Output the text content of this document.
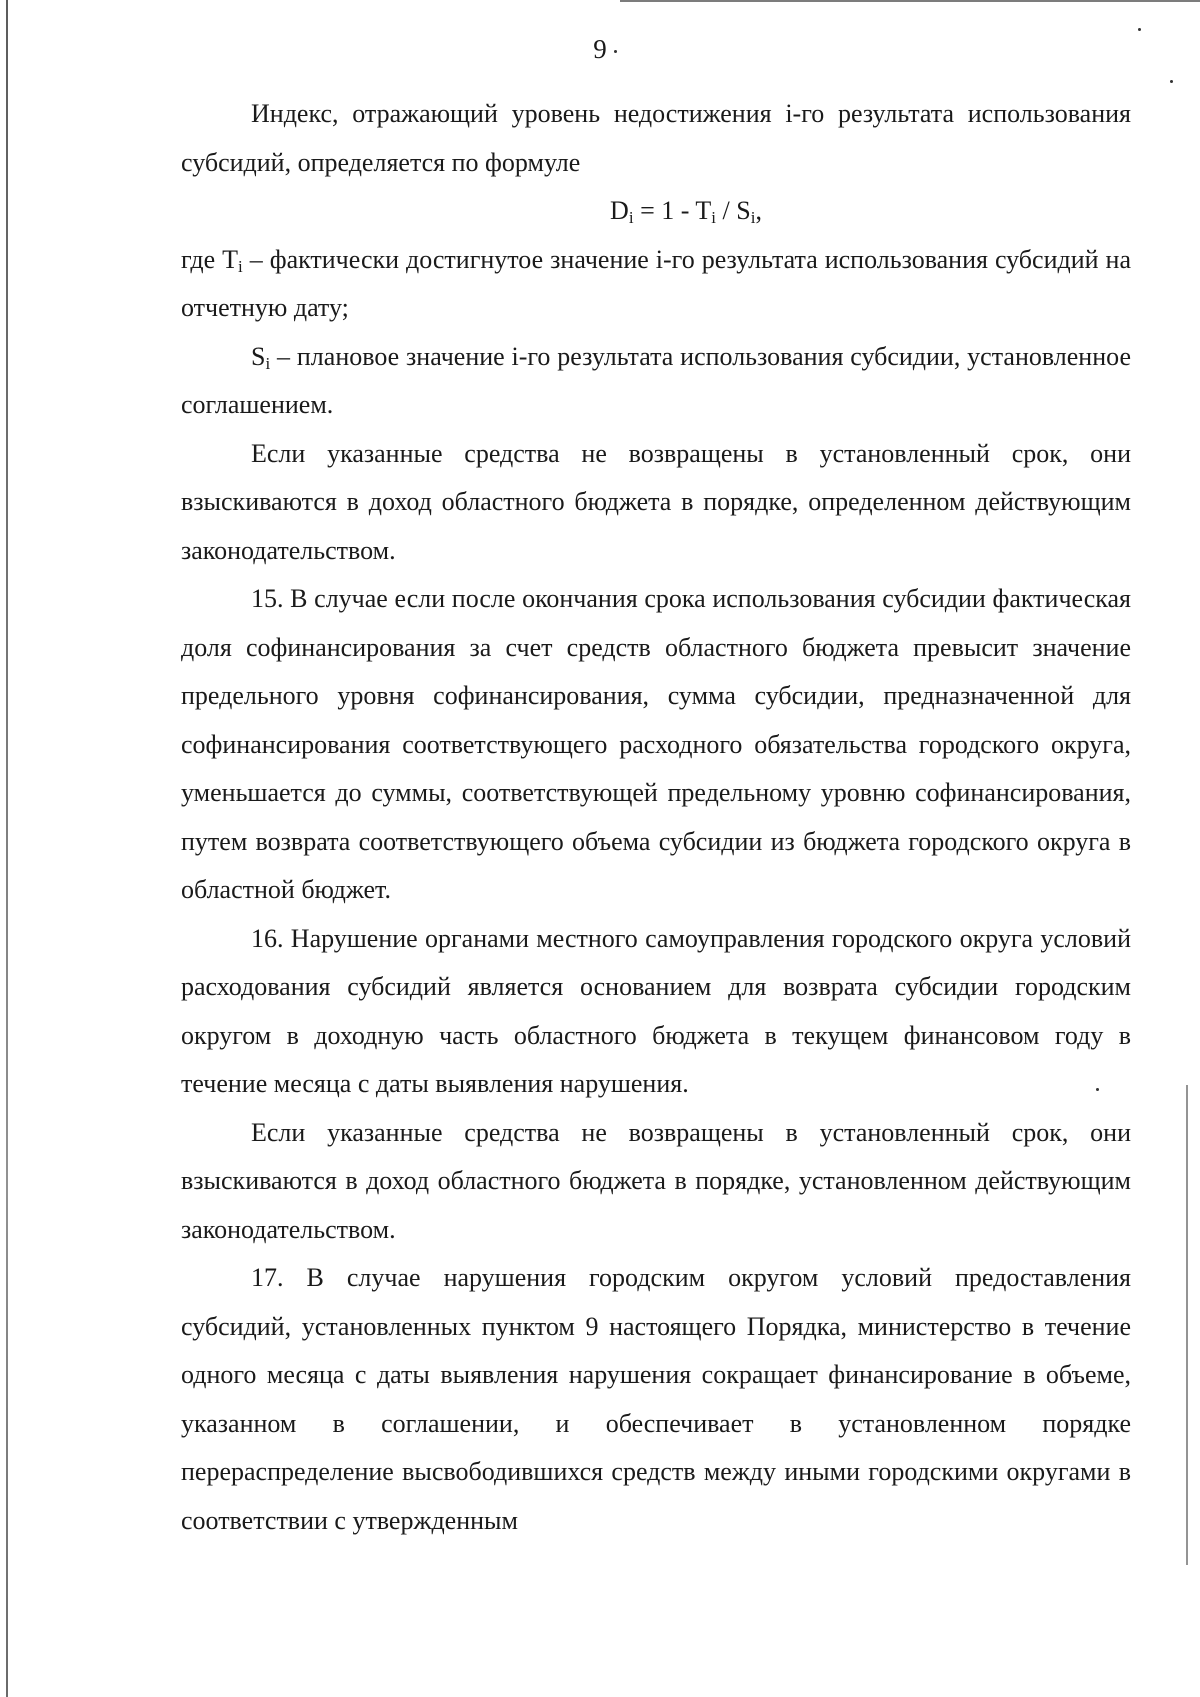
9

Индекс, отражающий уровень недостижения i-го результата использования субсидий, определяется по формуле

$D_i = 1 - T_i / S_i$,

где $T_i$ – фактически достигнутое значение i-го результата использования субсидий на отчетную дату;

$S_i$ – плановое значение i-го результата использования субсидии, установленное соглашением.

Если указанные средства не возвращены в установленный срок, они взыскиваются в доход областного бюджета в порядке, определенном действующим законодательством.

15. В случае если после окончания срока использования субсидии фактическая доля софинансирования за счет средств областного бюджета превысит значение предельного уровня софинансирования, сумма субсидии, предназначенной для софинансирования соответствующего расходного обязательства городского округа, уменьшается до суммы, соответствующей предельному уровню софинансирования, путем возврата соответствующего объема субсидии из бюджета городского округа в областной бюджет.

16. Нарушение органами местного самоуправления городского округа условий расходования субсидий является основанием для возврата субсидии городским округом в доходную часть областного бюджета в текущем финансовом году в течение месяца с даты выявления нарушения.

Если указанные средства не возвращены в установленный срок, они взыскиваются в доход областного бюджета в порядке, установленном действующим законодательством.

17. В случае нарушения городским округом условий предоставления субсидий, установленных пунктом 9 настоящего Порядка, министерство в течение одного месяца с даты выявления нарушения сокращает финансирование в объеме, указанном в соглашении, и обеспечивает в установленном порядке перераспределение высвободившихся средств между иными городскими округами в соответствии с утвержденным
